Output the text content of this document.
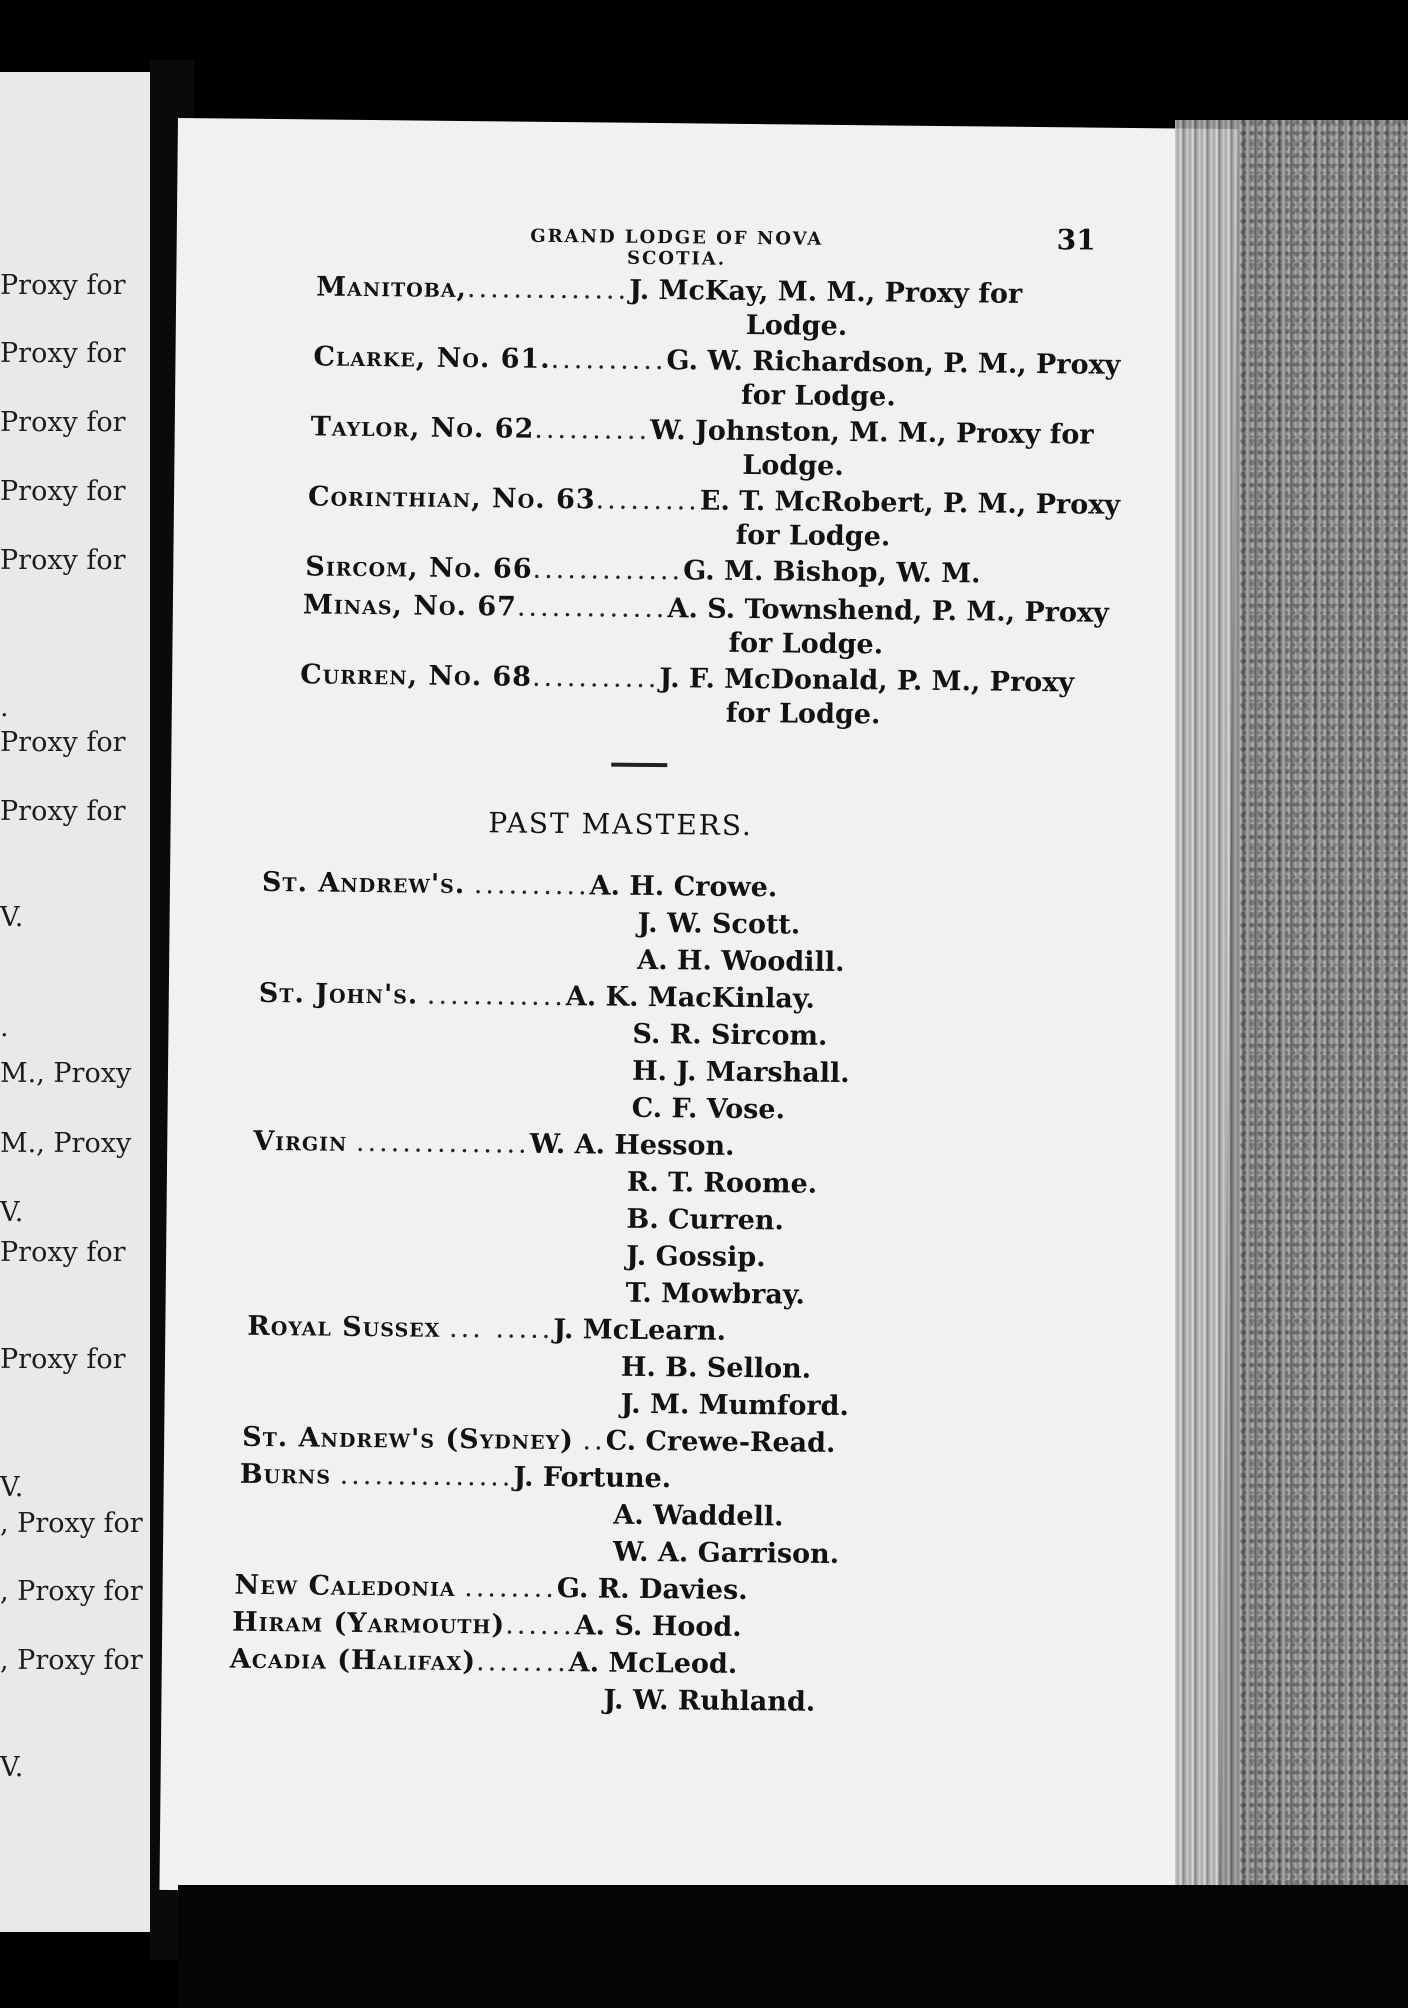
Proxy for
Proxy for
Proxy for
Proxy for
Proxy for
.
Proxy for
Proxy for
V.
.
M., Proxy
M., Proxy
V.
Proxy for
Proxy for
V.
, Proxy for
, Proxy for
, Proxy for
V.
GRAND LODGE OF NOVA SCOTIA.
31
Manitoba,..............J. McKay, M. M., Proxy for
Lodge.
Clarke, No. 61...........G. W. Richardson, P. M., Proxy
for Lodge.
Taylor, No. 62..........W. Johnston, M. M., Proxy for
Lodge.
Corinthian, No. 63.........E. T. McRobert, P. M., Proxy
for Lodge.
Sircom, No. 66.............G. M. Bishop, W. M.
Minas, No. 67.............A. S. Townshend, P. M., Proxy
for Lodge.
Curren, No. 68...........J. F. McDonald, P. M., Proxy
for Lodge.
PAST MASTERS.
St. Andrew's. ..........A. H. Crowe.
J. W. Scott.
A. H. Woodill.
St. John's. ............A. K. MacKinlay.
S. R. Sircom.
H. J. Marshall.
C. F. Vose.
Virgin ...............W. A. Hesson.
R. T. Roome.
B. Curren.
J. Gossip.
T. Mowbray.
Royal Sussex ... .....J. McLearn.
H. B. Sellon.
J. M. Mumford.
St. Andrew's (Sydney) ..C. Crewe-Read.
Burns ...............J. Fortune.
A. Waddell.
W. A. Garrison.
New Caledonia ........G. R. Davies.
Hiram (Yarmouth)......A. S. Hood.
Acadia (Halifax)........A. McLeod.
J. W. Ruhland.
